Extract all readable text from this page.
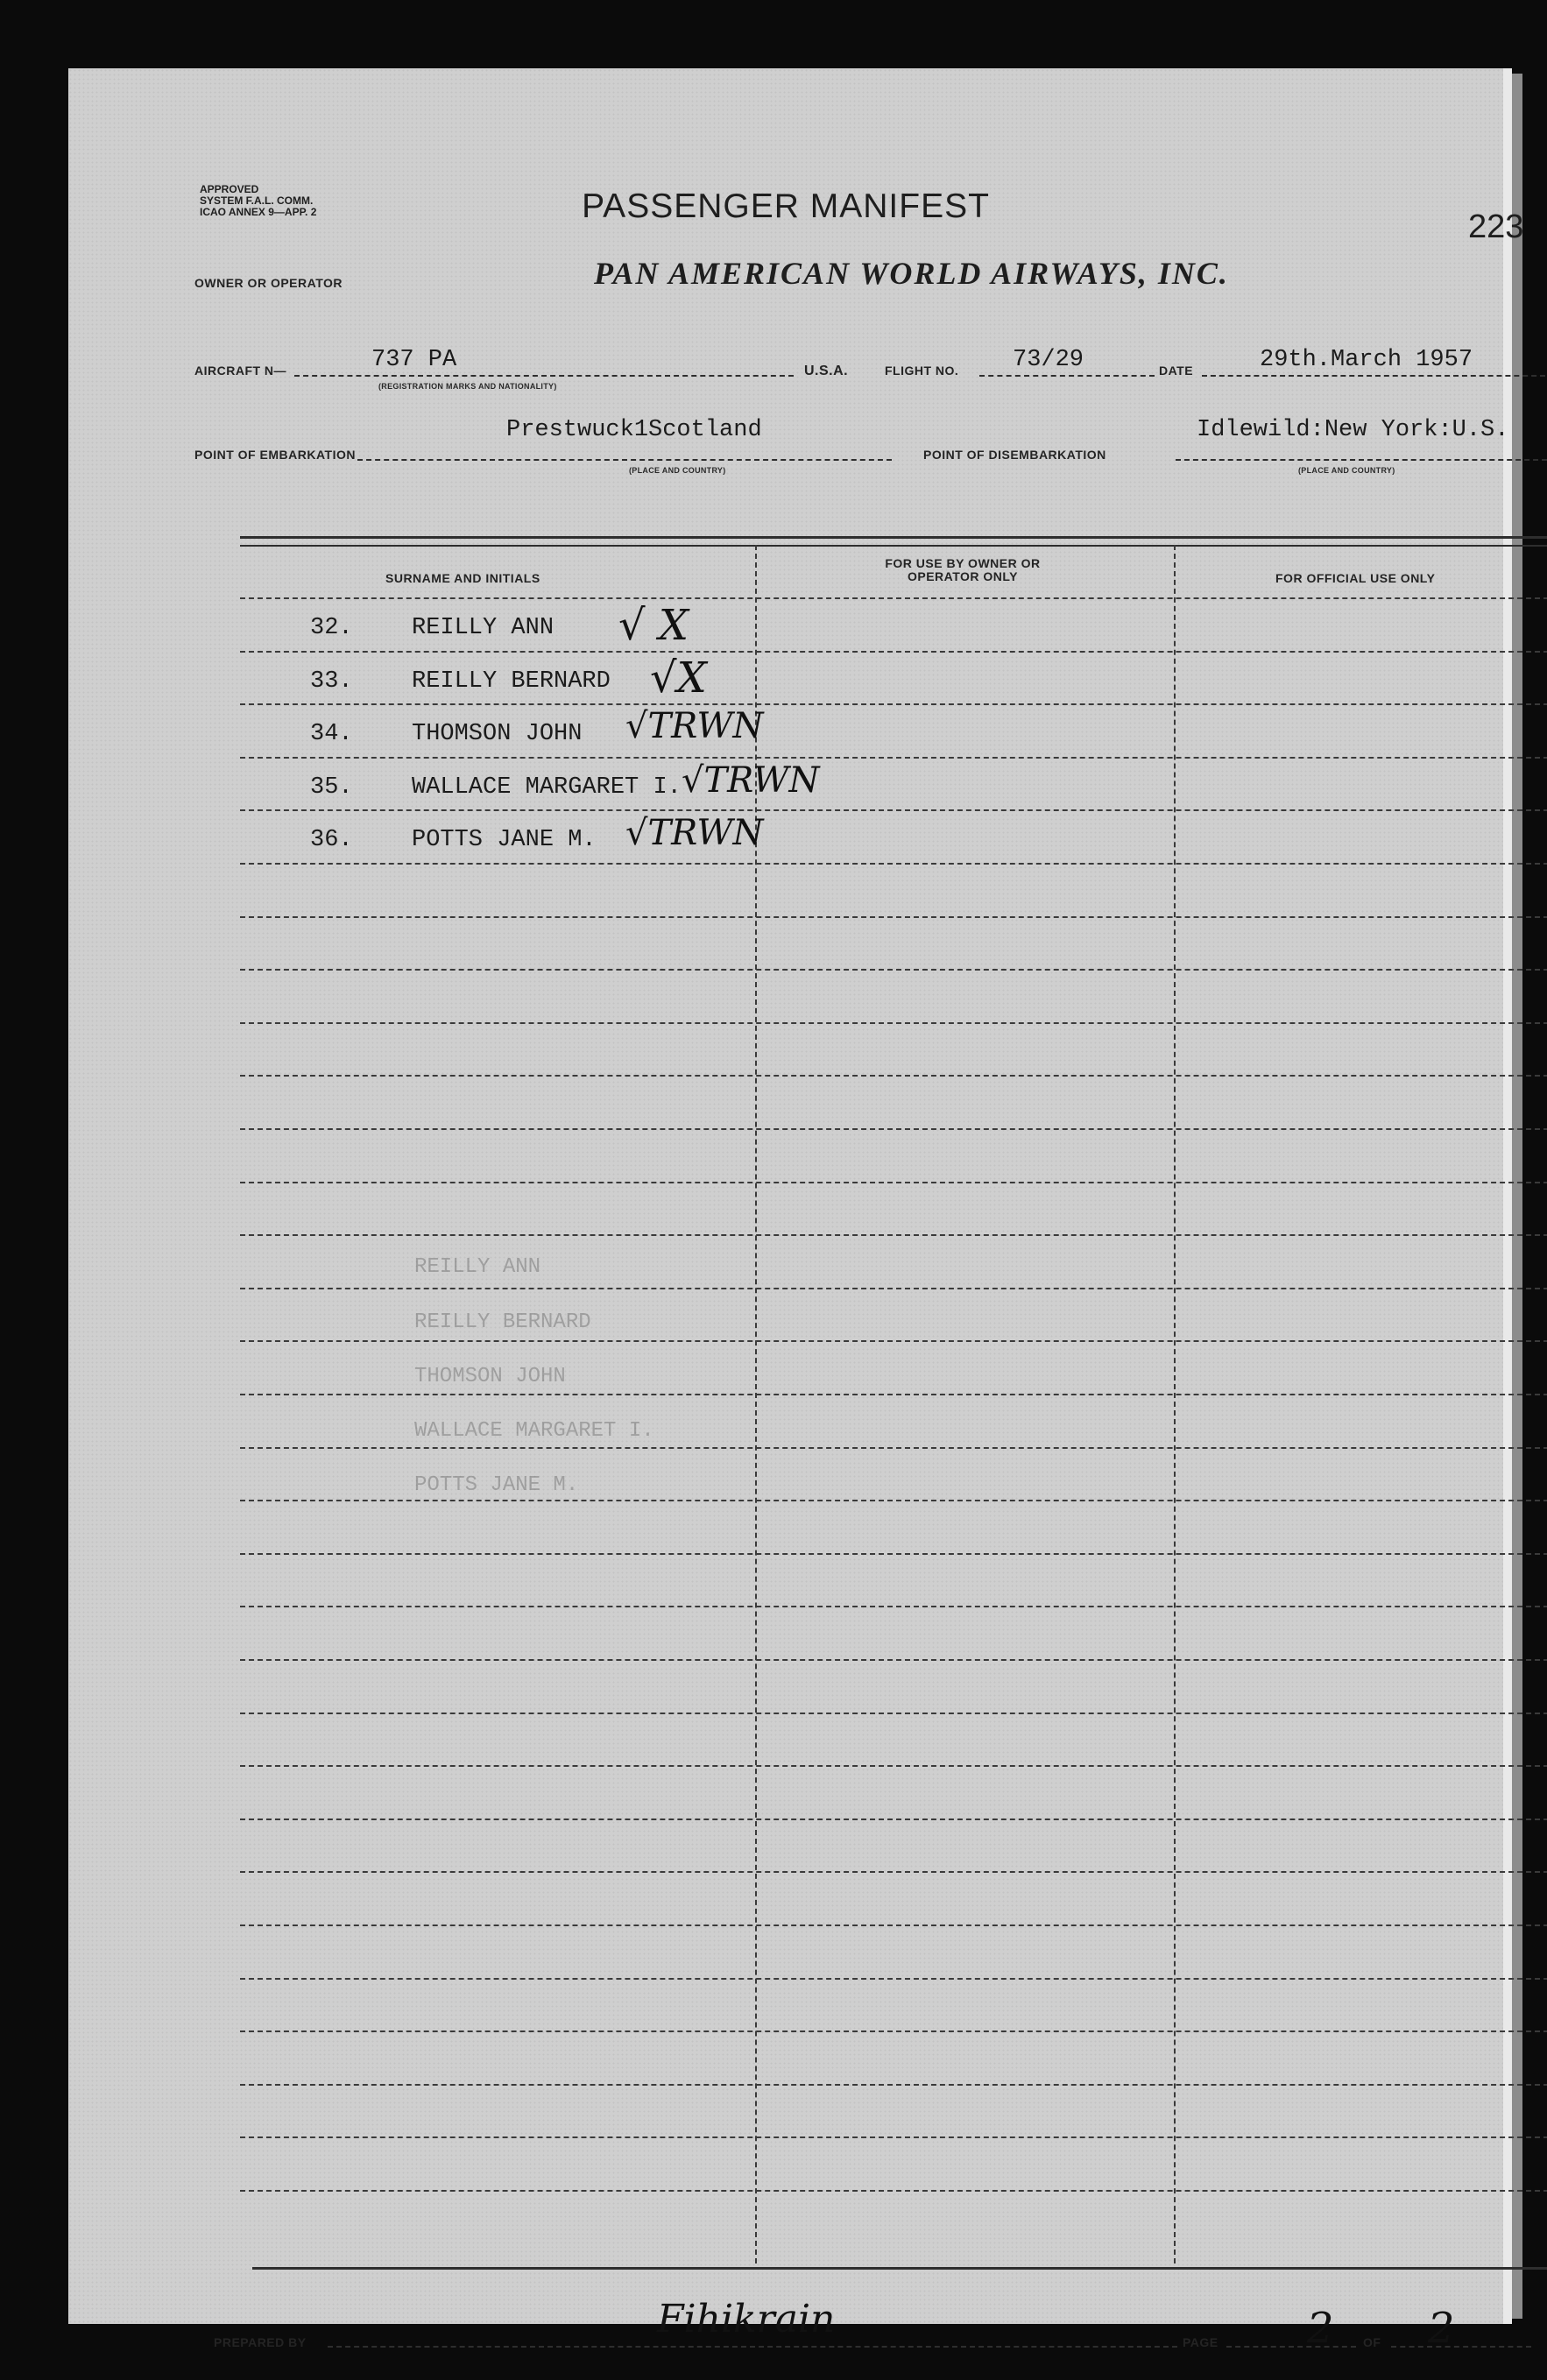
APPROVED
SYSTEM F.A.L. COMM.
ICAO ANNEX 9—APP. 2	PASSENGER MANIFEST
223
OWNER OR OPERATOR	PAN AMERICAN WORLD AIRWAYS, INC.
AIRCRAFT N—	737 PA
(REGISTRATION MARKS AND NATIONALITY)
U.S.A.	FLIGHT NO. 73/29	DATE	29th.March 1957
POINT OF EMBARKATION
Prestwuck1Scotland
(PLACE AND COUNTRY)
POINT OF DISEMBARKATION
Idlewild:New York:U.S.
(PLACE AND COUNTRY)
SURNAME AND INITIALS
FOR USE BY OWNER OR OPERATOR ONLY	FOR OFFICIAL USE ONLY
32. REILLY ANN √ X
33. REILLY BERNARD √X
34. THOMSON JOHN √TRWN
35. WALLACE MARGARET I. √TRWN
36. POTTS JANE M. √TRWN
REILLY ANN
REILLY BERNARD
THOMSON JOHN
WALLACE MARGARET I.
POTTS JANE M.
PREPARED BY
Fihikrain
PAGE 2 OF 2
